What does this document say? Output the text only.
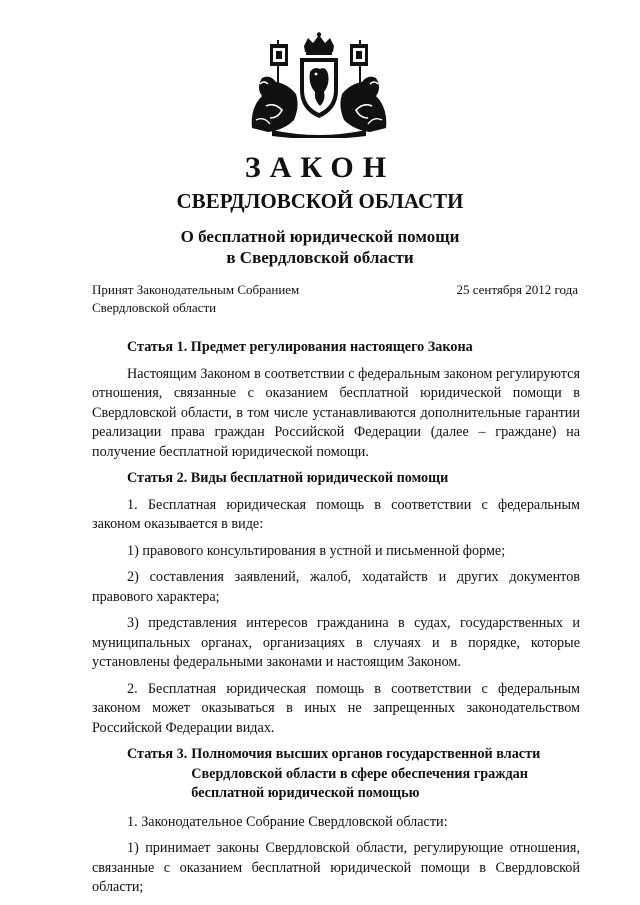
ЗАКОН
СВЕРДЛОВСКОЙ ОБЛАСТИ
О бесплатной юридической помощи
в Свердловской области
Принят Законодательным Собранием
Свердловской области
25 сентября 2012 года
Статья 1. Предмет регулирования настоящего Закона
Настоящим Законом в соответствии с федеральным законом регулируются отношения, связанные с оказанием бесплатной юридической помощи в Свердловской области, в том числе устанавливаются дополнительные гарантии реализации права граждан Российской Федерации (далее – граждане) на получение бесплатной юридической помощи.
Статья 2. Виды бесплатной юридической помощи
1. Бесплатная юридическая помощь в соответствии с федеральным законом оказывается в виде:
1) правового консультирования в устной и письменной форме;
2) составления заявлений, жалоб, ходатайств и других документов правового характера;
3) представления интересов гражданина в судах, государственных и муниципальных органах, организациях в случаях и в порядке, которые установлены федеральными законами и настоящим Законом.
2. Бесплатная юридическая помощь в соответствии с федеральным законом может оказываться в иных не запрещенных законодательством Российской Федерации видах.
Статья 3. Полномочия высших органов государственной власти
Свердловской области в сфере обеспечения граждан
бесплатной юридической помощью
1. Законодательное Собрание Свердловской области:
1) принимает законы Свердловской области, регулирующие отношения, связанные с оказанием бесплатной юридической помощи в Свердловской области;
